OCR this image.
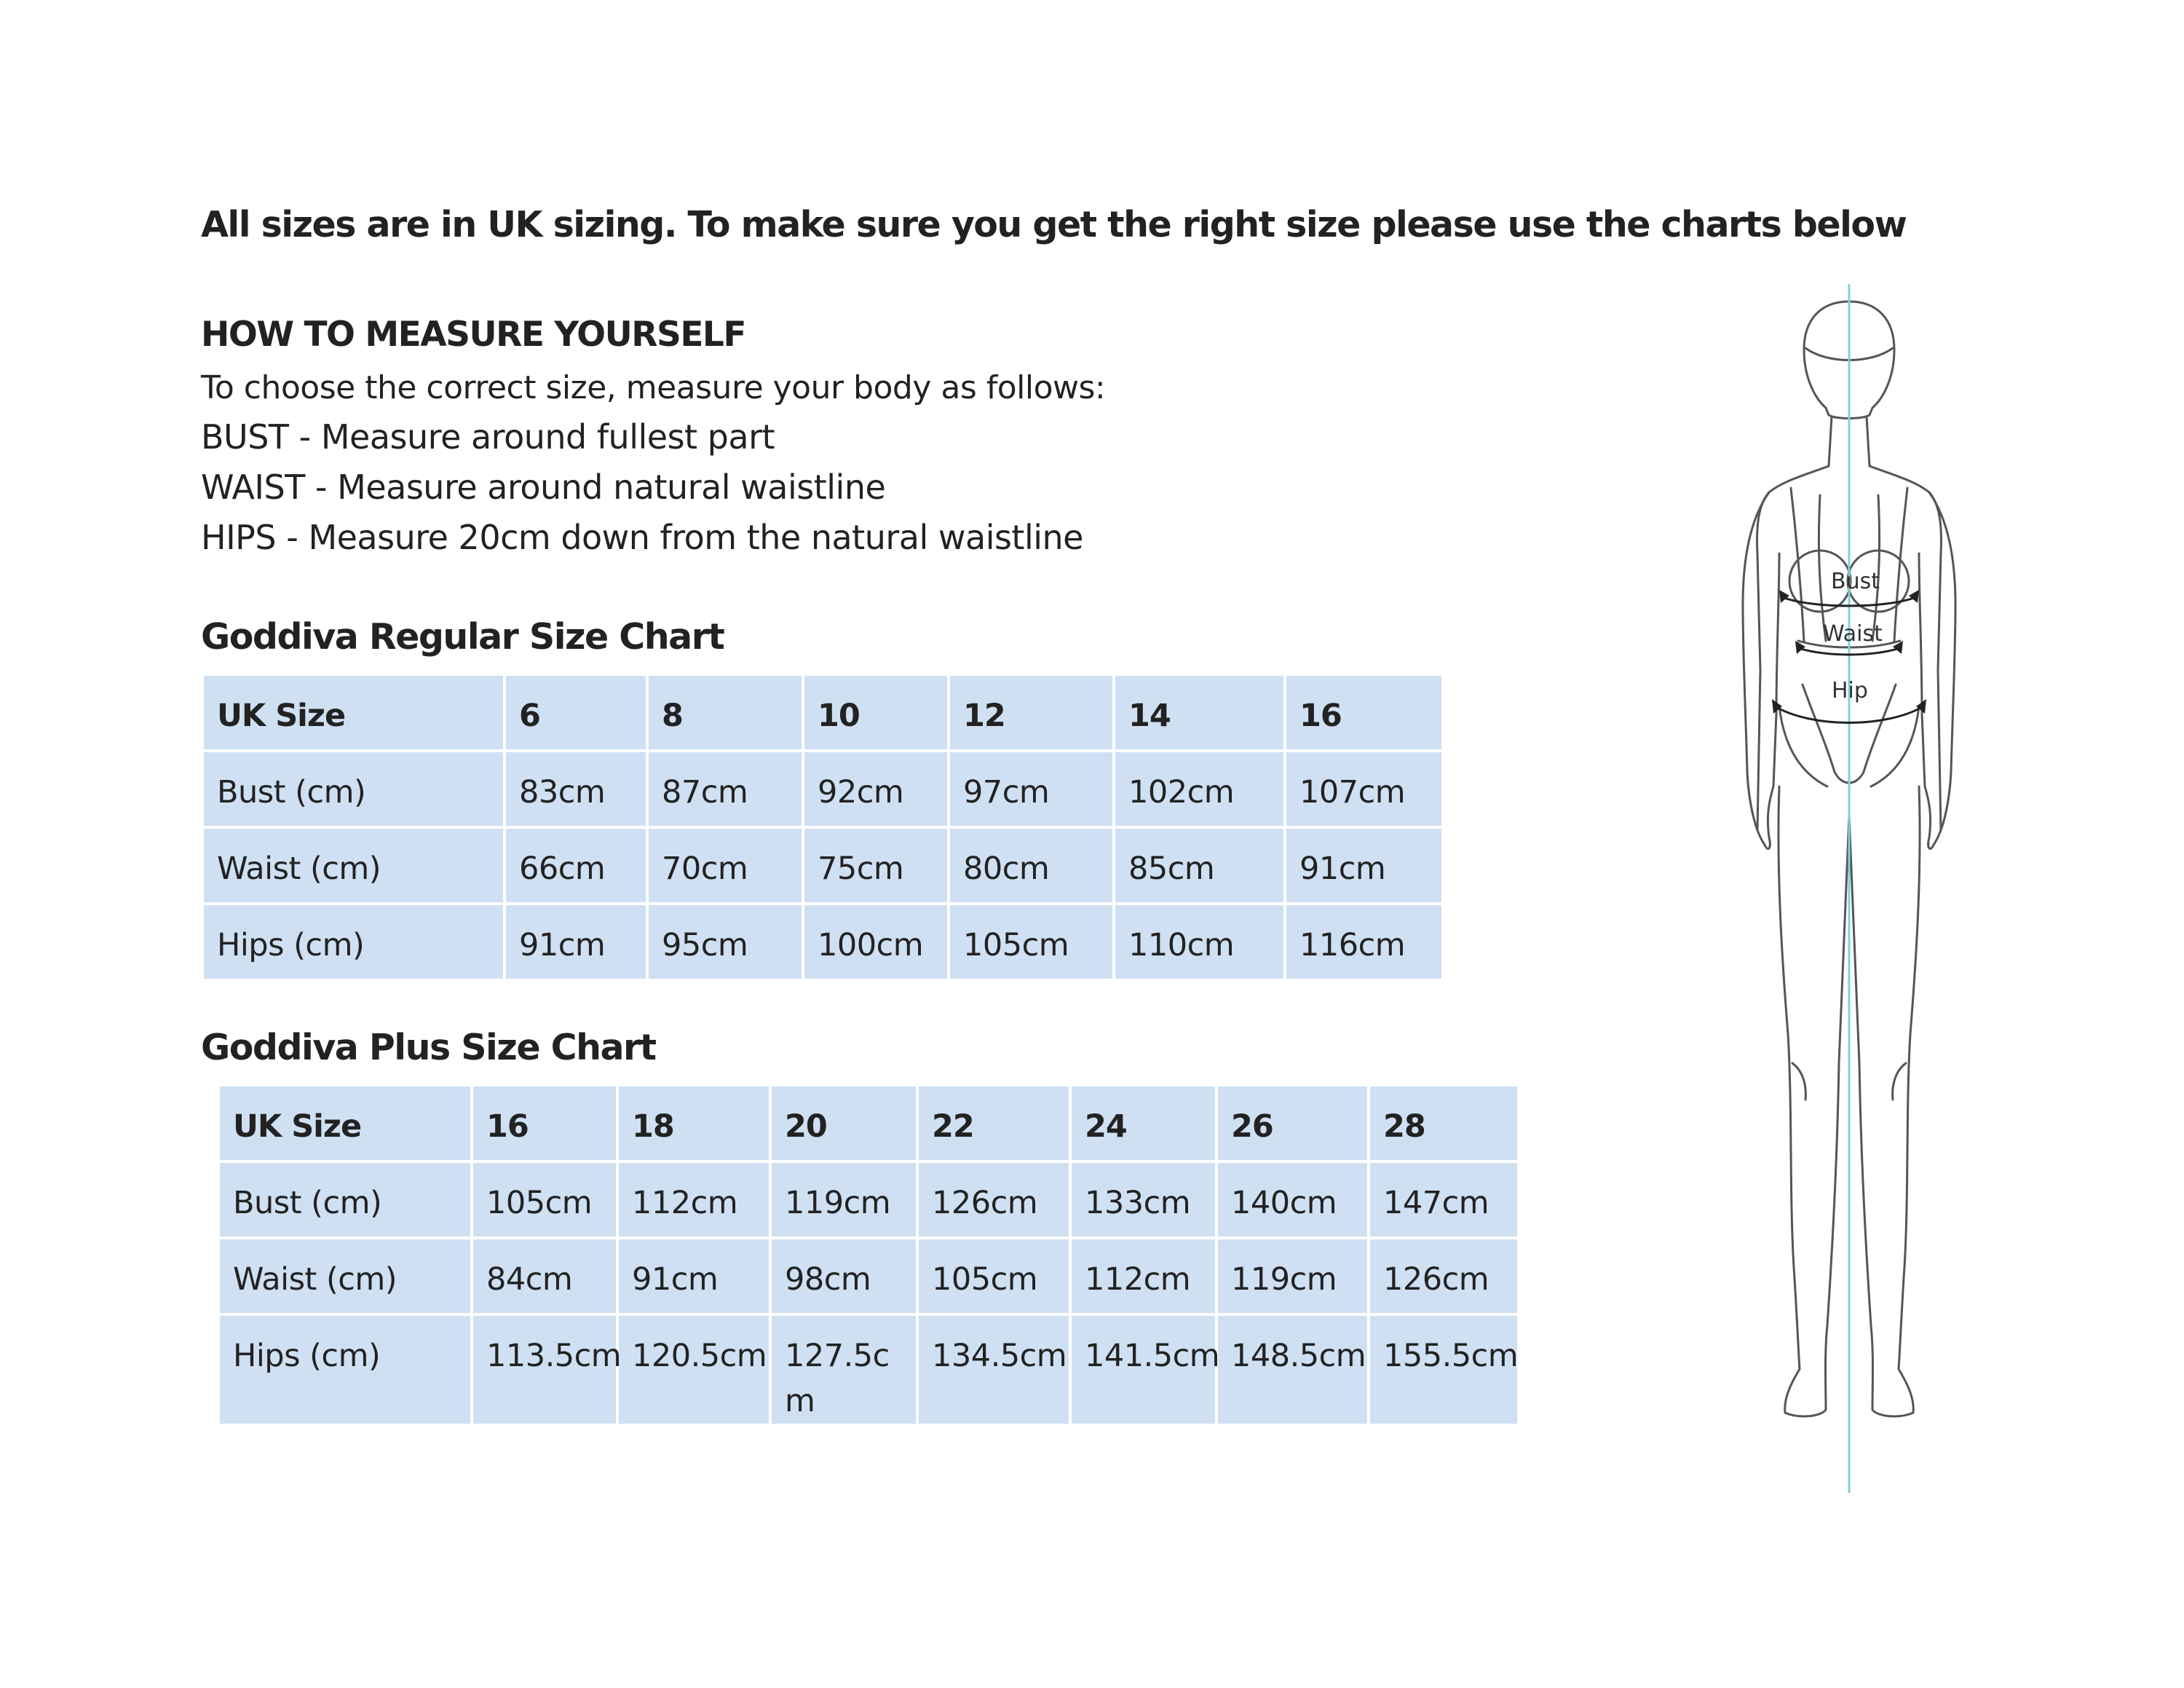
All sizes are in UK sizing. To make sure you get the right size please use the charts below
HOW TO MEASURE YOURSELF
To choose the correct size, measure your body as follows:
BUST - Measure around fullest part
WAIST - Measure around natural waistline
HIPS - Measure 20cm down from the natural waistline
Goddiva Regular Size Chart
UK Size	6	8	10	12	14	16
Bust (cm)	83cm	87cm	92cm	97cm	102cm	107cm
Waist (cm)	66cm	70cm	75cm	80cm	85cm	91cm
Hips (cm)	91cm	95cm	100cm	105cm	110cm	116cm
Goddiva Plus Size Chart
UK Size	16	18	20	22	24	26	28
Bust (cm)	105cm	112cm	119cm	126cm	133cm	140cm	147cm
Waist (cm)	84cm	91cm	98cm	105cm	112cm	119cm	126cm
Hips (cm)	113.5cm	120.5cm	127.5c m	134.5cm	141.5cm	148.5cm	155.5cm
Bust
Waist
Hip
